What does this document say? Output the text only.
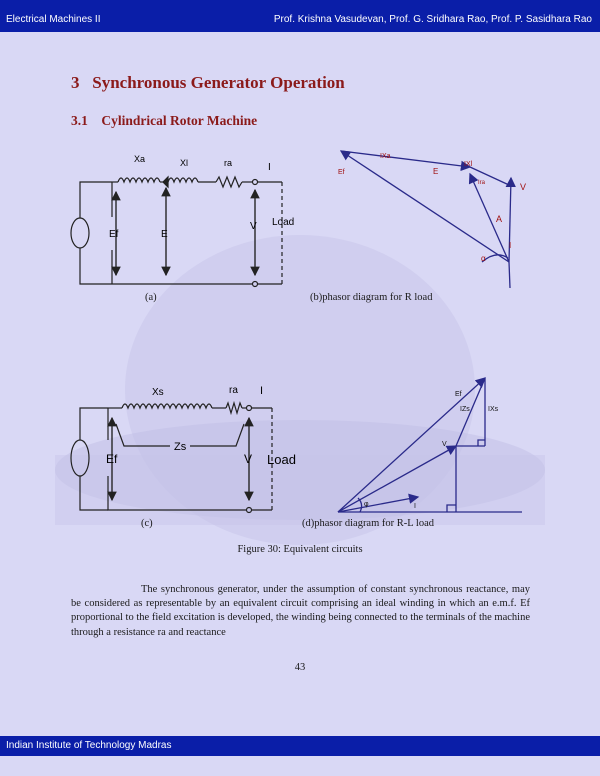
Electrical Machines II	Prof. Krishna Vasudevan, Prof. G. Sridhara Rao, Prof. P. Sasidhara Rao
3 Synchronous Generator Operation
3.1 Cylindrical Rotor Machine
Xa	Xl	ra	I
Ef	E
V Load
IXa
IXl
Ef	E
Ira	V
A
I
α
Xs	ra I
Zs
Ef	V Load
Ef
IZs	IXs
V
φ	I
(a)	(b)phasor diagram for R load
(c)	(d)phasor diagram for R-L load
Figure 30: Equivalent circuits
The synchronous generator, under the assumption of constant synchronous reactance, may be considered as representable by an equivalent circuit comprising an ideal winding in which an e.m.f. Ef proportional to the field excitation is developed, the winding being connected to the terminals of the machine through a resistance ra and reactance
43
Indian Institute of Technology Madras
